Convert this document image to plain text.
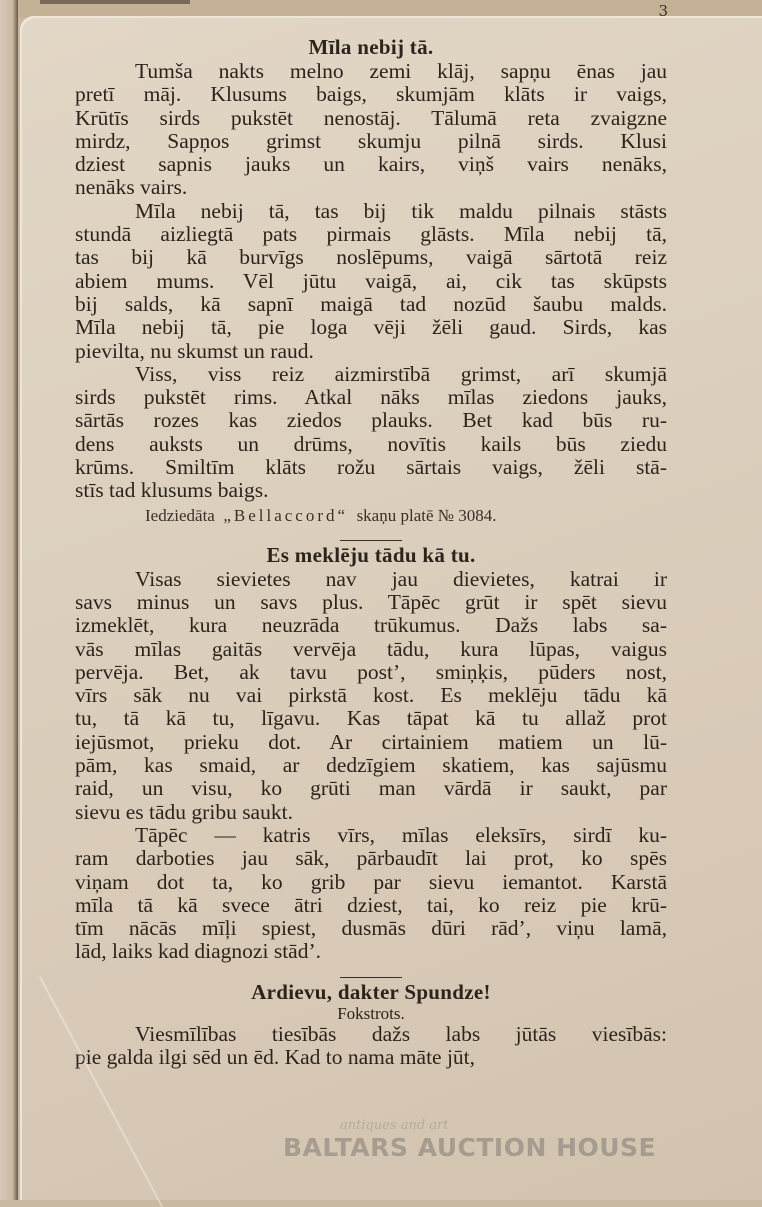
3
Mīla nebij tā.

Tumša nakts melno zemi klāj, sapņu ēnas jau
pretī māj. Klusums baigs, skumjām klāts ir vaigs,
Krūtīs sirds pukstēt nenostāj. Tālumā reta zvaigzne
mirdz, Sapņos grimst skumju pilnā sirds. Klusi
dziest sapnis jauks un kairs, viņš vairs nenāks,
nenāks vairs.

Mīla nebij tā, tas bij tik maldu pilnais stāsts
stundā aizliegtā pats pirmais glāsts. Mīla nebij tā,
tas bij kā burvīgs noslēpums, vaigā sārtotā reiz
abiem mums. Vēl jūtu vaigā, ai, cik tas skūpsts
bij salds, kā sapnī maigā tad nozūd šaubu malds.
Mīla nebij tā, pie loga vēji žēli gaud. Sirds, kas
pievilta, nu skumst un raud.

Viss, viss reiz aizmirstībā grimst, arī skumjā
sirds pukstēt rims. Atkal nāks mīlas ziedons jauks,
sārtās rozes kas ziedos plauks. Bet kad būs ru-
dens auksts un drūms, novītis kails būs ziedu
krūms. Smiltīm klāts rožu sārtais vaigs, žēli stā-
stīs tad klusums baigs.

Iedziedāta „Bellaccord“ skaņu platē № 3084.

Es meklēju tādu kā tu.

Visas sievietes nav jau dievietes, katrai ir
savs minus un savs plus. Tāpēc grūt ir spēt sievu
izmeklēt, kura neuzrāda trūkumus. Dažs labs sa-
vās mīlas gaitās vervēja tādu, kura lūpas, vaigus
pervēja. Bet, ak tavu post’, smiņķis, pūders nost,
vīrs sāk nu vai pirkstā kost. Es meklēju tādu kā
tu, tā kā tu, līgavu. Kas tāpat kā tu allaž prot
iejūsmot, prieku dot. Ar cirtainiem matiem un lū-
pām, kas smaid, ar dedzīgiem skatiem, kas sajūsmu
raid, un visu, ko grūti man vārdā ir saukt, par
sievu es tādu gribu saukt.

Tāpēc — katris vīrs, mīlas eleksīrs, sirdī ku-
ram darboties jau sāk, pārbaudīt lai prot, ko spēs
viņam dot ta, ko grib par sievu iemantot. Karstā
mīla tā kā svece ātri dziest, tai, ko reiz pie krū-
tīm nācās mīļi spiest, dusmās dūri rād’, viņu lamā,
lād, laiks kad diagnozi stād’.

Ardievu, dakter Spundze!

Fokstrots.

Viesmīlības tiesībās dažs labs jūtās viesībās:
pie galda ilgi sēd un ēd. Kad to nama māte jūt,

antiques and art
BALTARS AUCTION HOUSE
